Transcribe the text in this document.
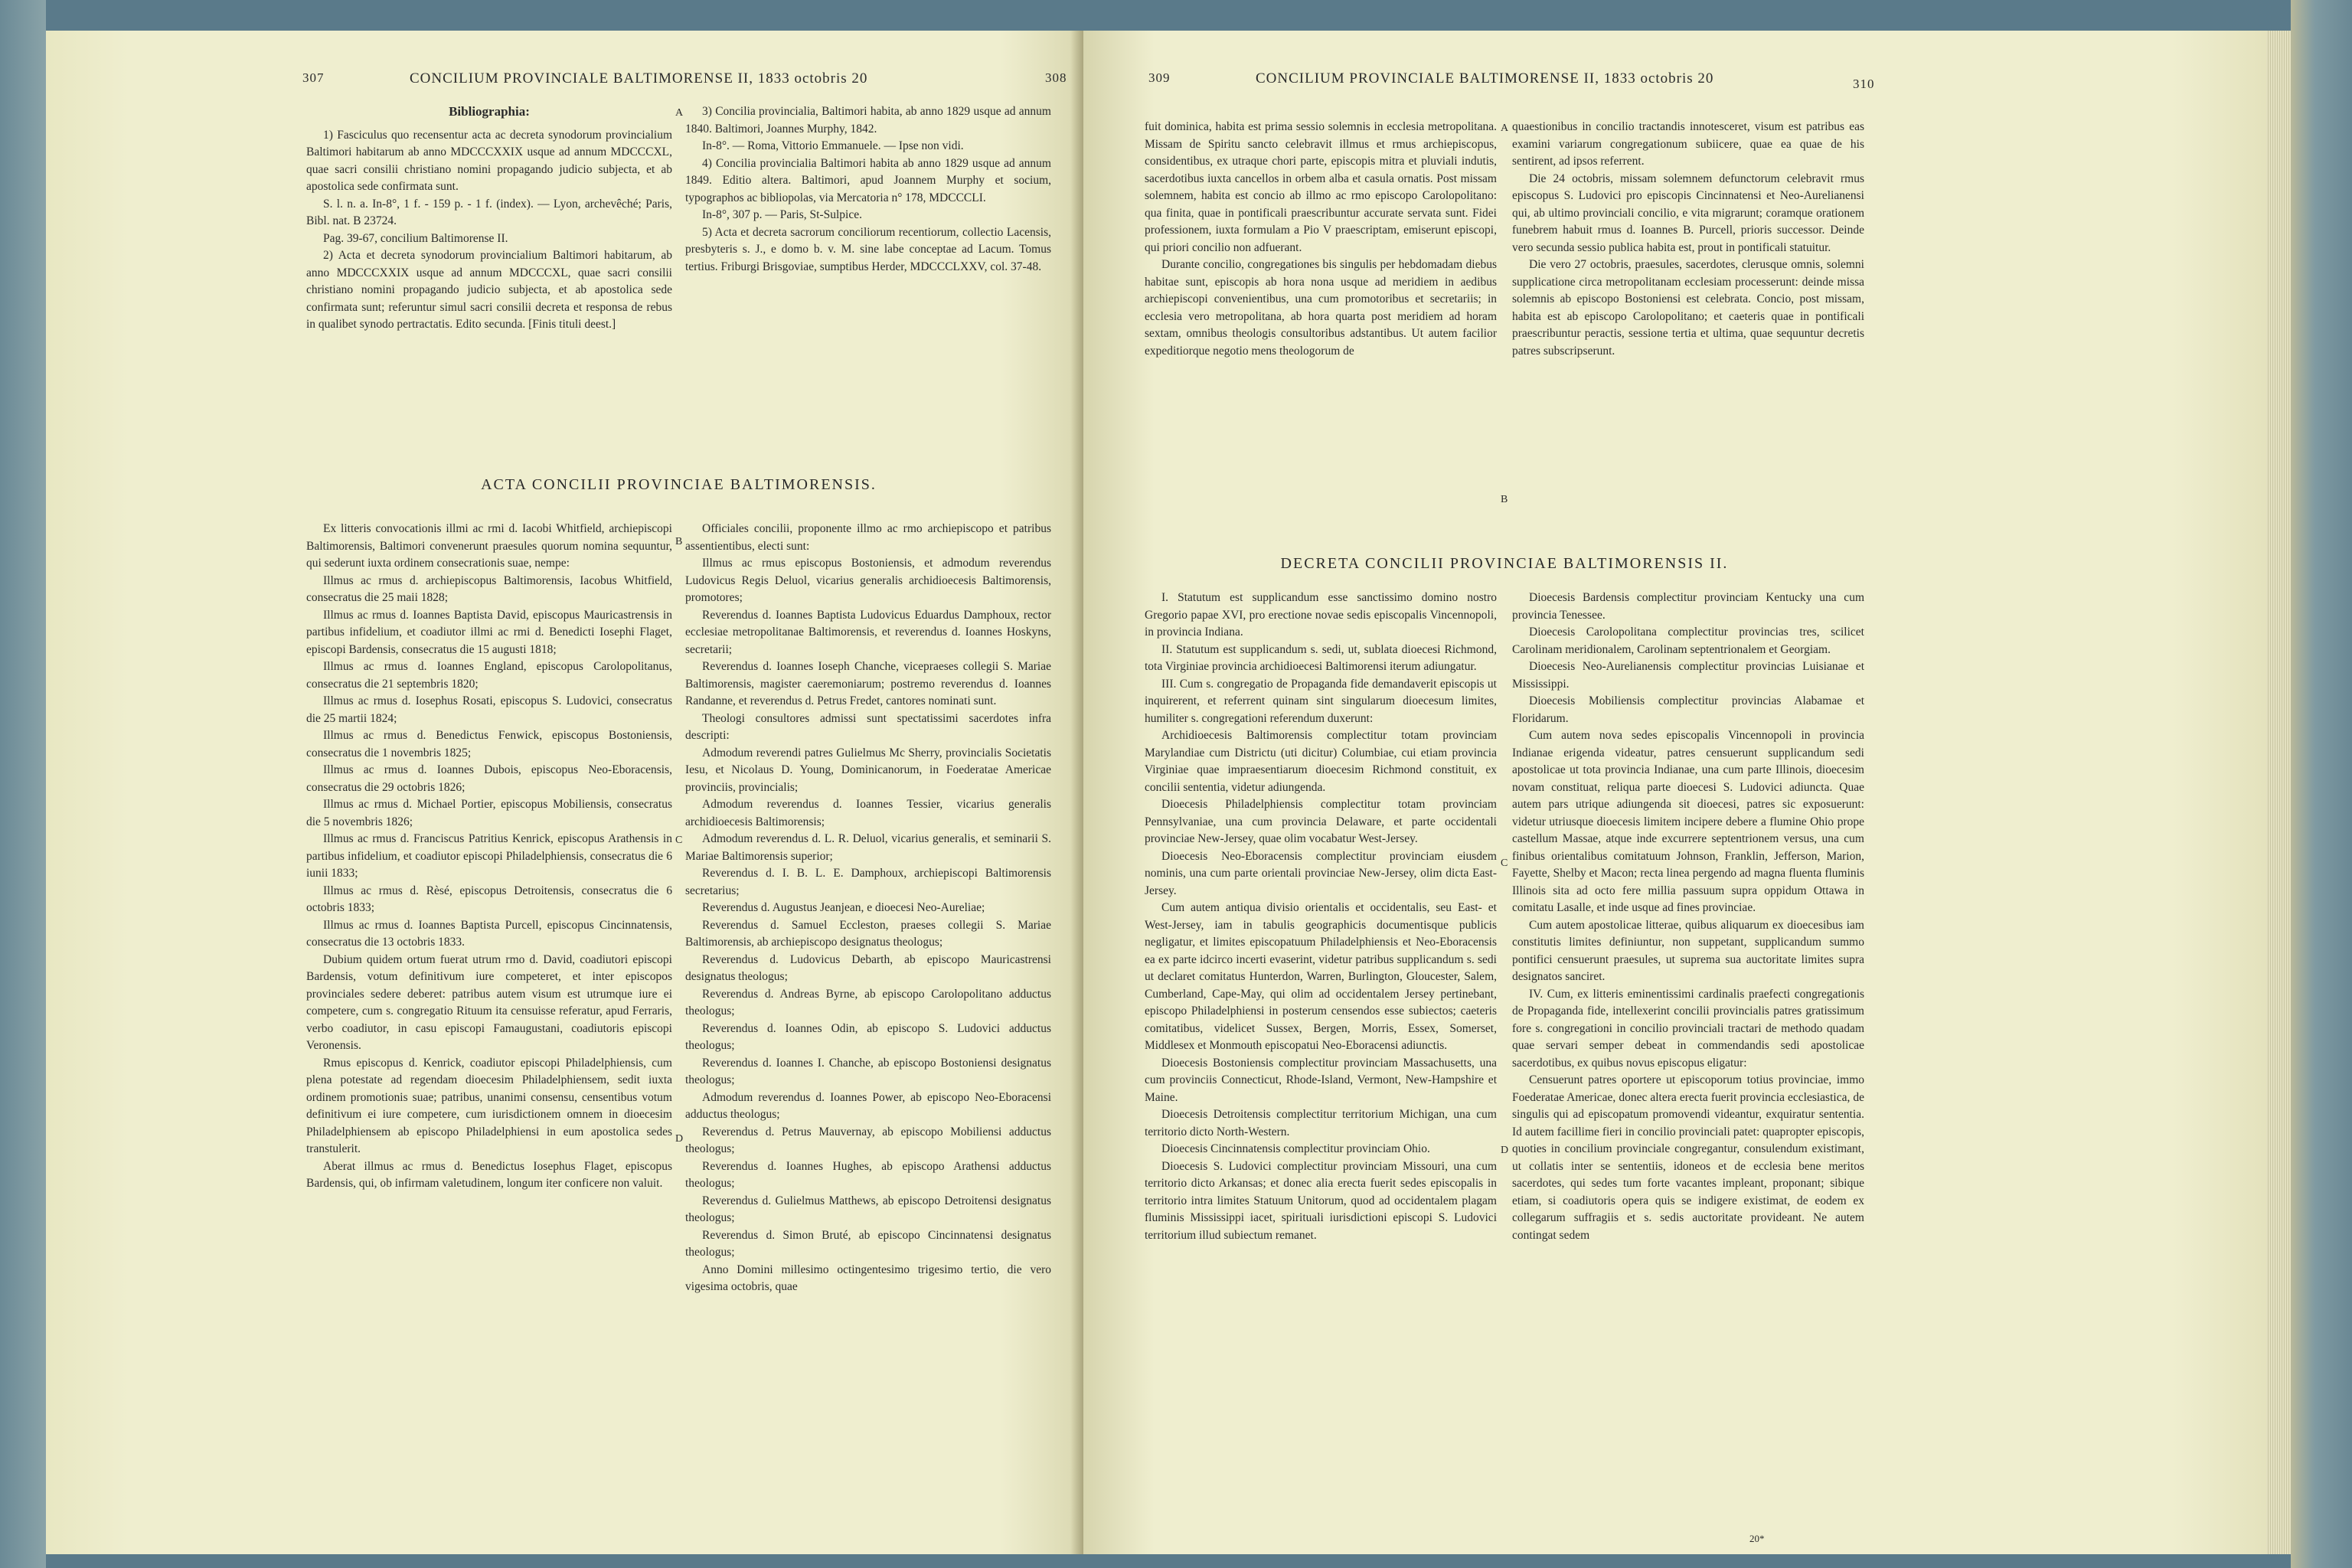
307	CONCILIUM PROVINCIALE BALTIMORENSE II, 1833 octobris 20	308
Bibliographia:

1) Fasciculus quo recensentur acta ac decreta synodorum provincialium Baltimori habitarum ab anno MDCCCXXIX usque ad annum MDCCCXL, quae sacri consilii christiano nomini propagando judicio subjecta, et ab apostolica sede confirmata sunt.

S. l. n. a. In-8°, 1 f. - 159 p. - 1 f. (index). — Lyon, archevêché; Paris, Bibl. nat. B 23724.

Pag. 39-67, concilium Baltimorense II.

2) Acta et decreta synodorum provincialium Baltimori habitarum, ab anno MDCCCXXIX usque ad annum MDCCCXL, quae sacri consilii christiano nomini propagando judicio subjecta, et ab apostolica sede confirmata sunt; referuntur simul sacri consilii decreta et responsa de rebus in qualibet synodo pertractatis. Edito secunda. [Finis tituli deest.]

3) Concilia provincialia, Baltimori habita, ab anno 1829 usque ad annum 1840. Baltimori, Joannes Murphy, 1842.

In-8°. — Roma, Vittorio Emmanuele. — Ipse non vidi.

4) Concilia provincialia Baltimori habita ab anno 1829 usque ad annum 1849. Editio altera. Baltimori, apud Joannem Murphy et socium, typographos ac bibliopolas, via Mercatoria n° 178, MDCCCLI.

In-8°, 307 p. — Paris, St-Sulpice.

5) Acta et decreta sacrorum conciliorum recentiorum, collectio Lacensis, presbyteris s. J., e domo b. v. M. sine labe conceptae ad Lacum. Tomus tertius. Friburgi Brisgoviae, sumptibus Herder, MDCCCLXXV, col. 37-48.

A
ACTA CONCILII PROVINCIAE BALTIMORENSIS.

Ex litteris convocationis illmi ac rmi d. Iacobi Whitfield, archiepiscopi Baltimorensis, Baltimori convenerunt praesules quorum nomina sequuntur, qui sederunt iuxta ordinem consecrationis suae, nempe:

Illmus ac rmus d. archiepiscopus Baltimorensis, Iacobus Whitfield, consecratus die 25 maii 1828;

Illmus ac rmus d. Ioannes Baptista David, episcopus Mauricastrensis in partibus infidelium, et coadiutor illmi ac rmi d. Benedicti Iosephi Flaget, episcopi Bardensis, consecratus die 15 augusti 1818;

Illmus ac rmus d. Ioannes England, episcopus Carolopolitanus, consecratus die 21 septembris 1820;

Illmus ac rmus d. Iosephus Rosati, episcopus S. Ludovici, consecratus die 25 martii 1824;

Illmus ac rmus d. Benedictus Fenwick, episcopus Bostoniensis, consecratus die 1 novembris 1825;

Illmus ac rmus d. Ioannes Dubois, episcopus Neo-Eboracensis, consecratus die 29 octobris 1826;

Illmus ac rmus d. Michael Portier, episcopus Mobiliensis, consecratus die 5 novembris 1826;

Illmus ac rmus d. Franciscus Patritius Kenrick, episcopus Arathensis in partibus infidelium, et coadiutor episcopi Philadelphiensis, consecratus die 6 iunii 1833;

Illmus ac rmus d. Rèsé, episcopus Detroitensis, consecratus die 6 octobris 1833;

Illmus ac rmus d. Ioannes Baptista Purcell, episcopus Cincinnatensis, consecratus die 13 octobris 1833.

Dubium quidem ortum fuerat utrum rmo d. David, coadiutori episcopi Bardensis, votum definitivum iure competeret, et inter episcopos provinciales sedere deberet: patribus autem visum est utrumque iure ei competere, cum s. congregatio Rituum ita censuisse referatur, apud Ferraris, verbo coadiutor, in casu episcopi Famaugustani, coadiutoris episcopi Veronensis.

Rmus episcopus d. Kenrick, coadiutor episcopi Philadelphiensis, cum plena potestate ad regendam dioecesim Philadelphiensem, sedit iuxta ordinem promotionis suae; patribus, unanimi consensu, censentibus votum definitivum ei iure competere, cum iurisdictionem omnem in dioecesim Philadelphiensem ab episcopo Philadelphiensi in eum apostolica sedes transtulerit.

Aberat illmus ac rmus d. Benedictus Iosephus Flaget, episcopus Bardensis, qui, ob infirmam valetudinem, longum iter conficere non valuit.

Officiales concilii, proponente illmo ac rmo archiepiscopo et patribus assentientibus, electi sunt:

Illmus ac rmus episcopus Bostoniensis, et admodum reverendus Ludovicus Regis Deluol, vicarius generalis archidioecesis Baltimorensis, promotores;

Reverendus d. Ioannes Baptista Ludovicus Eduardus Damphoux, rector ecclesiae metropolitanae Baltimorensis, et reverendus d. Ioannes Hoskyns, secretarii;

Reverendus d. Ioannes Ioseph Chanche, vicepraeses collegii S. Mariae Baltimorensis, magister caeremoniarum; postremo reverendus d. Ioannes Randanne, et reverendus d. Petrus Fredet, cantores nominati sunt.

Theologi consultores admissi sunt spectatissimi sacerdotes infra descripti:

Admodum reverendi patres Gulielmus Mc Sherry, provincialis Societatis Iesu, et Nicolaus D. Young, Dominicanorum, in Foederatae Americae provinciis, provincialis;

Admodum reverendus d. Ioannes Tessier, vicarius generalis archidioecesis Baltimorensis;

Admodum reverendus d. L. R. Deluol, vicarius generalis, et seminarii S. Mariae Baltimorensis superior;

Reverendus d. I. B. L. E. Damphoux, archiepiscopi Baltimorensis secretarius;

Reverendus d. Augustus Jeanjean, e dioecesi Neo-Aureliae;

Reverendus d. Samuel Eccleston, praeses collegii S. Mariae Baltimorensis, ab archiepiscopo designatus theologus;

Reverendus d. Ludovicus Debarth, ab episcopo Mauricastrensi designatus theologus;

Reverendus d. Andreas Byrne, ab episcopo Carolopolitano adductus theologus;

Reverendus d. Ioannes Odin, ab episcopo S. Ludovici adductus theologus;

Reverendus d. Ioannes I. Chanche, ab episcopo Bostoniensi designatus theologus;

Admodum reverendus d. Ioannes Power, ab episcopo Neo-Eboracensi adductus theologus;

Reverendus d. Petrus Mauvernay, ab episcopo Mobiliensi adductus theologus;

Reverendus d. Ioannes Hughes, ab episcopo Arathensi adductus theologus;

Reverendus d. Gulielmus Matthews, ab episcopo Detroitensi designatus theologus;

Reverendus d. Simon Bruté, ab episcopo Cincinnatensi designatus theologus;

Anno Domini millesimo octingentesimo trigesimo tertio, die vero vigesima octobris, quae

B
C
D
309	CONCILIUM PROVINCIALE BALTIMORENSE II, 1833 octobris 20	310

fuit dominica, habita est prima sessio solemnis in ecclesia metropolitana. Missam de Spiritu sancto celebravit illmus et rmus archiepiscopus, considentibus, ex utraque chori parte, episcopis mitra et pluviali indutis, sacerdotibus iuxta cancellos in orbem alba et casula ornatis. Post missam solemnem, habita est concio ab illmo ac rmo episcopo Carolopolitano: qua finita, quae in pontificali praescribuntur accurate servata sunt. Fidei professionem, iuxta formulam a Pio V praescriptam, emiserunt episcopi, qui priori concilio non adfuerant.

Durante concilio, congregationes bis singulis per hebdomadam diebus habitae sunt, episcopis ab hora nona usque ad meridiem in aedibus archiepiscopi convenientibus, una cum promotoribus et secretariis; in ecclesia vero metropolitana, ab hora quarta post meridiem ad horam sextam, omnibus theologis consultoribus adstantibus. Ut autem facilior expeditiorque negotio mens theologorum de

quaestionibus in concilio tractandis innotesceret, visum est patribus eas examini variarum congregationum subiicere, quae ea quae de his sentirent, ad ipsos referrent.

Die 24 octobris, missam solemnem defunctorum celebravit rmus episcopus S. Ludovici pro episcopis Cincinnatensi et Neo-Aurelianensi qui, ab ultimo provinciali concilio, e vita migrarunt; coramque orationem funebrem habuit rmus d. Ioannes B. Purcell, prioris successor. Deinde vero secunda sessio publica habita est, prout in pontificali statuitur.

Die vero 27 octobris, praesules, sacerdotes, clerusque omnis, solemni supplicatione circa metropolitanam ecclesiam processerunt: deinde missa solemnis ab episcopo Bostoniensi est celebrata. Concio, post missam, habita est ab episcopo Carolopolitano; et caeteris quae in pontificali praescribuntur peractis, sessione tertia et ultima, quae sequuntur decretis patres subscripserunt.

A
B
DECRETA CONCILII PROVINCIAE BALTIMORENSIS II.

I. Statutum est supplicandum esse sanctissimo domino nostro Gregorio papae XVI, pro erectione novae sedis episcopalis Vincennopoli, in provincia Indiana.

II. Statutum est supplicandum s. sedi, ut, sublata dioecesi Richmond, tota Virginiae provincia archidioecesi Baltimorensi iterum adiungatur.

III. Cum s. congregatio de Propaganda fide demandaverit episcopis ut inquirerent, et referrent quinam sint singularum dioecesum limites, humiliter s. congregationi referendum duxerunt:

Archidioecesis Baltimorensis complectitur totam provinciam Marylandiae cum Districtu (uti dicitur) Columbiae, cui etiam provincia Virginiae quae impraesentiarum dioecesim Richmond constituit, ex concilii sententia, videtur adiungenda.

Dioecesis Philadelphiensis complectitur totam provinciam Pennsylvaniae, una cum provincia Delaware, et parte occidentali provinciae New-Jersey, quae olim vocabatur West-Jersey.

Dioecesis Neo-Eboracensis complectitur provinciam eiusdem nominis, una cum parte orientali provinciae New-Jersey, olim dicta East-Jersey.

Cum autem antiqua divisio orientalis et occidentalis, seu East- et West-Jersey, iam in tabulis geographicis documentisque publicis negligatur, et limites episcopatuum Philadelphiensis et Neo-Eboracensis ea ex parte idcirco incerti evaserint, videtur patribus supplicandum s. sedi ut declaret comitatus Hunterdon, Warren, Burlington, Gloucester, Salem, Cumberland, Cape-May, qui olim ad occidentalem Jersey pertinebant, episcopo Philadelphiensi in posterum censendos esse subiectos; caeteris comitatibus, videlicet Sussex, Bergen, Morris, Essex, Somerset, Middlesex et Monmouth episcopatui Neo-Eboracensi adiunctis.

Dioecesis Bostoniensis complectitur provinciam Massachusetts, una cum provinciis Connecticut, Rhode-Island, Vermont, New-Hampshire et Maine.

Dioecesis Detroitensis complectitur territorium Michigan, una cum territorio dicto North-Western.

Dioecesis Cincinnatensis complectitur provinciam Ohio.

Dioecesis S. Ludovici complectitur provinciam Missouri, una cum territorio dicto Arkansas; et donec alia erecta fuerit sedes episcopalis in territorio intra limites Statuum Unitorum, quod ad occidentalem plagam fluminis Mississippi iacet, spirituali iurisdictioni episcopi S. Ludovici territorium illud subiectum remanet.

Dioecesis Bardensis complectitur provinciam Kentucky una cum provincia Tenessee.

Dioecesis Carolopolitana complectitur provincias tres, scilicet Carolinam meridionalem, Carolinam septentrionalem et Georgiam.

Dioecesis Neo-Aurelianensis complectitur provincias Luisianae et Mississippi.

Dioecesis Mobiliensis complectitur provincias Alabamae et Floridarum.

Cum autem nova sedes episcopalis Vincennopoli in provincia Indianae erigenda videatur, patres censuerunt supplicandum sedi apostolicae ut tota provincia Indianae, una cum parte Illinois, dioecesim novam constituat, reliqua parte dioecesi S. Ludovici adiuncta. Quae autem pars utrique adiungenda sit dioecesi, patres sic exposuerunt: videtur utriusque dioecesis limitem incipere debere a flumine Ohio prope castellum Massae, atque inde excurrere septentrionem versus, una cum finibus orientalibus comitatuum Johnson, Franklin, Jefferson, Marion, Fayette, Shelby et Macon; recta linea pergendo ad magna fluenta fluminis Illinois sita ad octo fere millia passuum supra oppidum Ottawa in comitatu Lasalle, et inde usque ad fines provinciae.

Cum autem apostolicae litterae, quibus aliquarum ex dioecesibus iam constitutis limites definiuntur, non suppetant, supplicandum summo pontifici censuerunt praesules, ut suprema sua auctoritate limites supra designatos sanciret.

IV. Cum, ex litteris eminentissimi cardinalis praefecti congregationis de Propaganda fide, intellexerint concilii provincialis patres gratissimum fore s. congregationi in concilio provinciali tractari de methodo quadam quae servari semper debeat in commendandis sedi apostolicae sacerdotibus, ex quibus novus episcopus eligatur:

Censuerunt patres oportere ut episcoporum totius provinciae, immo Foederatae Americae, donec altera erecta fuerit provincia ecclesiastica, de singulis qui ad episcopatum promovendi videantur, exquiratur sententia. Id autem facillime fieri in concilio provinciali patet: quapropter episcopis, quoties in concilium provinciale congregantur, consulendum existimant, ut collatis inter se sententiis, idoneos et de ecclesia bene meritos sacerdotes, qui sedes tum forte vacantes impleant, proponant; sibique etiam, si coadiutoris opera quis se indigere existimat, de eodem ex collegarum suffragiis et s. sedis auctoritate provideant. Ne autem contingat sedem

C
D
20*
